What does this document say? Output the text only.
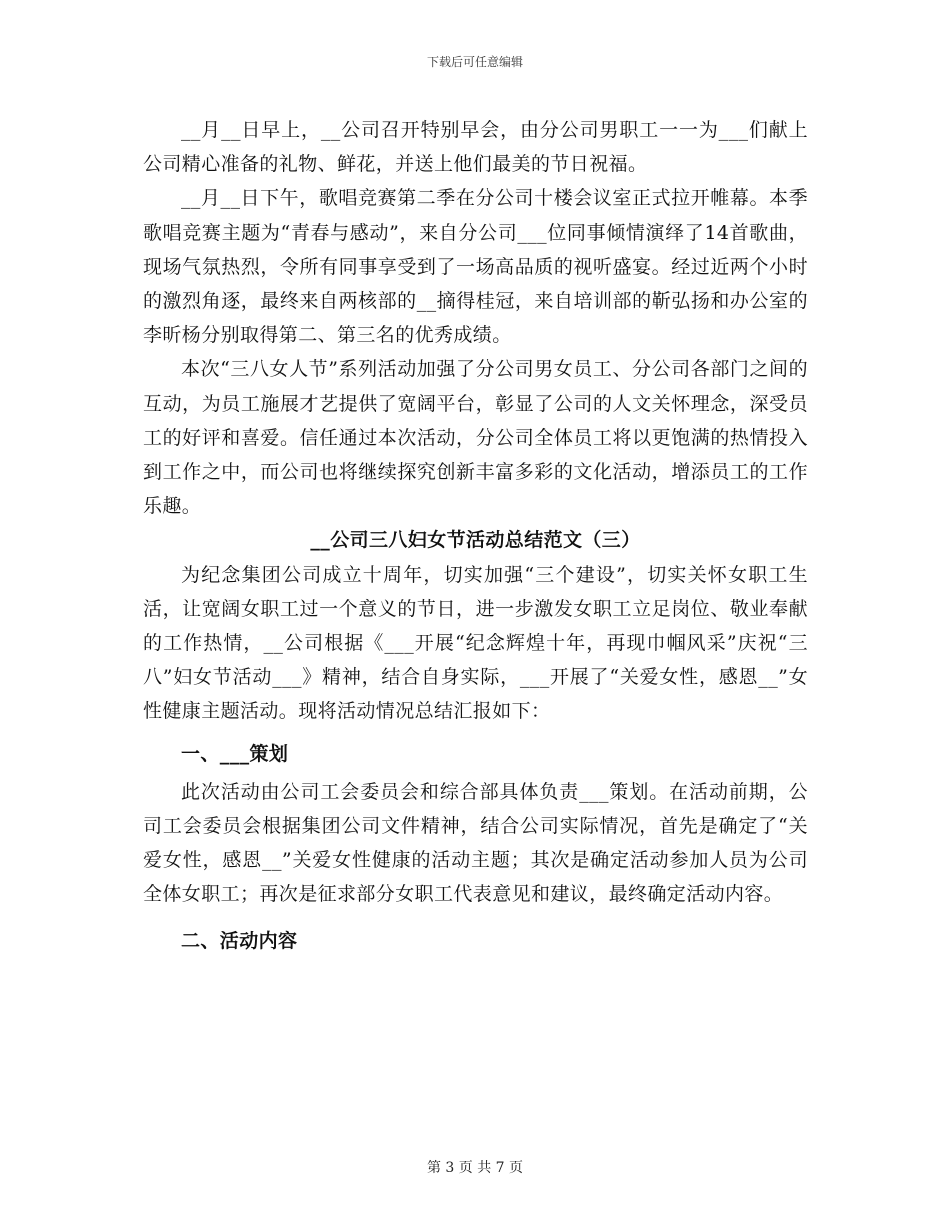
下载后可任意编辑

__月__日早上，__公司召开特别早会，由分公司男职工一一为___们献上公司精心准备的礼物、鲜花，并送上他们最美的节日祝福。

__月__日下午，歌唱竞赛第二季在分公司十楼会议室正式拉开帷幕。本季歌唱竞赛主题为“青春与感动”，来自分公司___位同事倾情演绎了14首歌曲，现场气氛热烈，令所有同事享受到了一场高品质的视听盛宴。经过近两个小时的激烈角逐，最终来自两核部的__摘得桂冠，来自培训部的靳弘扬和办公室的李昕杨分别取得第二、第三名的优秀成绩。

本次“三八女人节”系列活动加强了分公司男女员工、分公司各部门之间的互动，为员工施展才艺提供了宽阔平台，彰显了公司的人文关怀理念，深受员工的好评和喜爱。信任通过本次活动，分公司全体员工将以更饱满的热情投入到工作之中，而公司也将继续探究创新丰富多彩的文化活动，增添员工的工作乐趣。

__公司三八妇女节活动总结范文（三）

为纪念集团公司成立十周年，切实加强“三个建设”，切实关怀女职工生活，让宽阔女职工过一个意义的节日，进一步激发女职工立足岗位、敬业奉献的工作热情，__公司根据《___开展“纪念辉煌十年，再现巾帼风采”庆祝“三八”妇女节活动___》精神，结合自身实际，___开展了“关爱女性，感恩__”女性健康主题活动。现将活动情况总结汇报如下：

一、___策划

此次活动由公司工会委员会和综合部具体负责___策划。在活动前期，公司工会委员会根据集团公司文件精神，结合公司实际情况，首先是确定了“关爱女性，感恩__”关爱女性健康的活动主题；其次是确定活动参加人员为公司全体女职工；再次是征求部分女职工代表意见和建议，最终确定活动内容。

二、活动内容

第 3 页 共 7 页
